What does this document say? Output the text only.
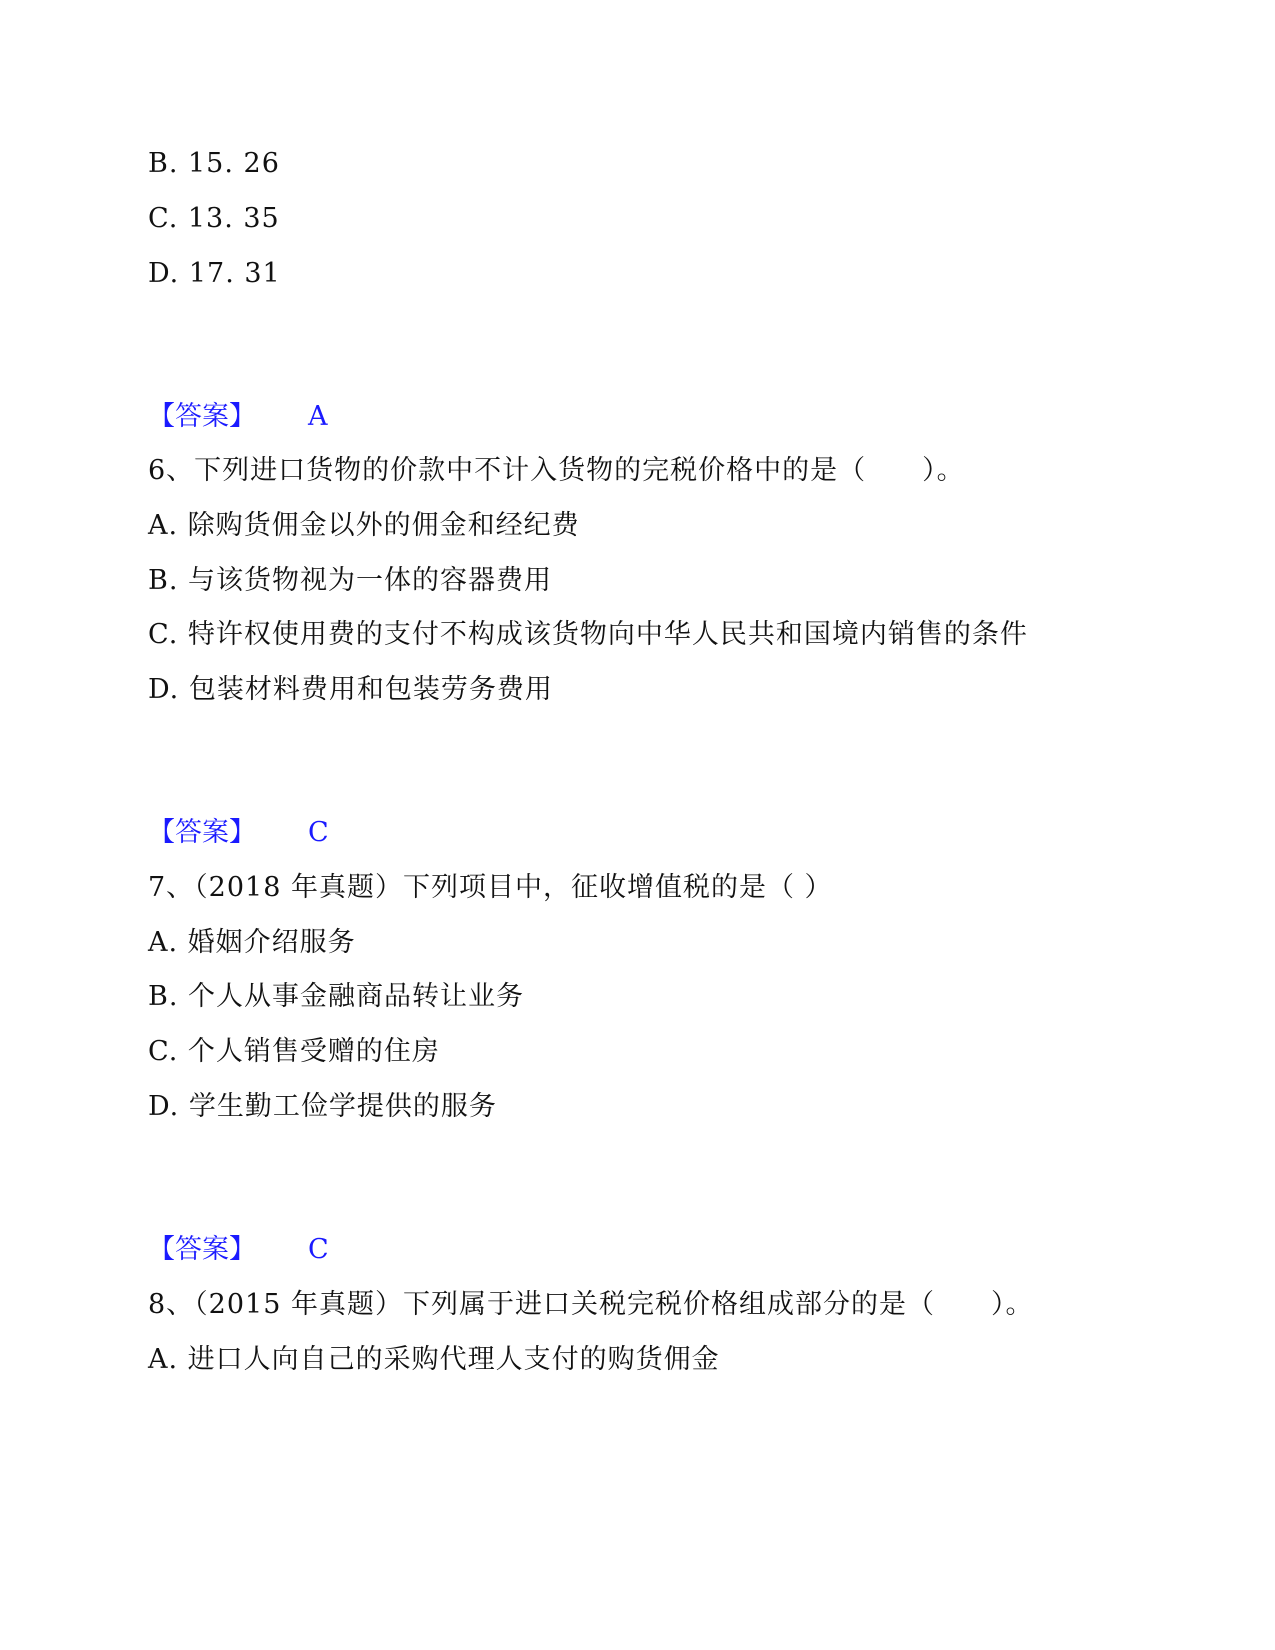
B. 15. 26
C. 13. 35
D. 17. 31
【答案】 A
6、下列进口货物的价款中不计入货物的完税价格中的是（　　）。
A. 除购货佣金以外的佣金和经纪费
B. 与该货物视为一体的容器费用
C. 特许权使用费的支付不构成该货物向中华人民共和国境内销售的条件
D. 包装材料费用和包装劳务费用
【答案】 C
7、（2018 年真题）下列项目中，征收增值税的是（ ）
A. 婚姻介绍服务
B. 个人从事金融商品转让业务
C. 个人销售受赠的住房
D. 学生勤工俭学提供的服务
【答案】 C
8、（2015 年真题）下列属于进口关税完税价格组成部分的是（　　）。
A. 进口人向自己的采购代理人支付的购货佣金
